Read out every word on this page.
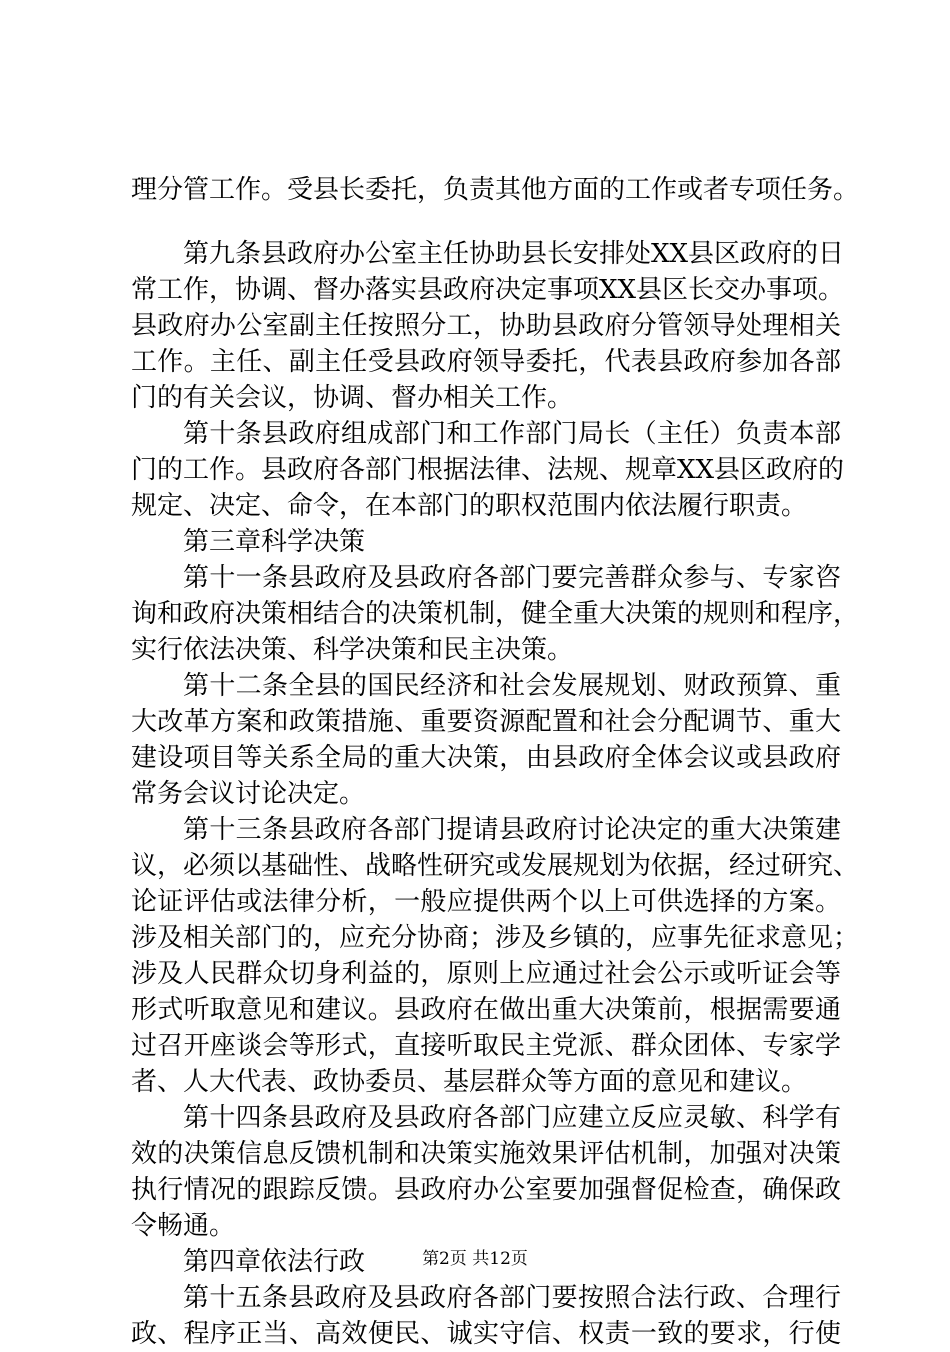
理分管工作。受县长委托，负责其他方面的工作或者专项任务。
第九条县政府办公室主任协助县长安排处XX县区政府的日
常工作，协调、督办落实县政府决定事项XX县区长交办事项。
县政府办公室副主任按照分工，协助县政府分管领导处理相关
工作。主任、副主任受县政府领导委托，代表县政府参加各部
门的有关会议，协调、督办相关工作。
第十条县政府组成部门和工作部门局长（主任）负责本部
门的工作。县政府各部门根据法律、法规、规章XX县区政府的
规定、决定、命令，在本部门的职权范围内依法履行职责。
第三章科学决策
第十一条县政府及县政府各部门要完善群众参与、专家咨
询和政府决策相结合的决策机制，健全重大决策的规则和程序，
实行依法决策、科学决策和民主决策。
第十二条全县的国民经济和社会发展规划、财政预算、重
大改革方案和政策措施、重要资源配置和社会分配调节、重大
建设项目等关系全局的重大决策，由县政府全体会议或县政府
常务会议讨论决定。
第十三条县政府各部门提请县政府讨论决定的重大决策建
议，必须以基础性、战略性研究或发展规划为依据，经过研究、
论证评估或法律分析，一般应提供两个以上可供选择的方案。
涉及相关部门的，应充分协商；涉及乡镇的，应事先征求意见；
涉及人民群众切身利益的，原则上应通过社会公示或听证会等
形式听取意见和建议。县政府在做出重大决策前，根据需要通
过召开座谈会等形式，直接听取民主党派、群众团体、专家学
者、人大代表、政协委员、基层群众等方面的意见和建议。
第十四条县政府及县政府各部门应建立反应灵敏、科学有
效的决策信息反馈机制和决策实施效果评估机制，加强对决策
执行情况的跟踪反馈。县政府办公室要加强督促检查，确保政
令畅通。
第四章依法行政
第十五条县政府及县政府各部门要按照合法行政、合理行
政、程序正当、高效便民、诚实守信、权责一致的要求，行使
第2页 共12页
